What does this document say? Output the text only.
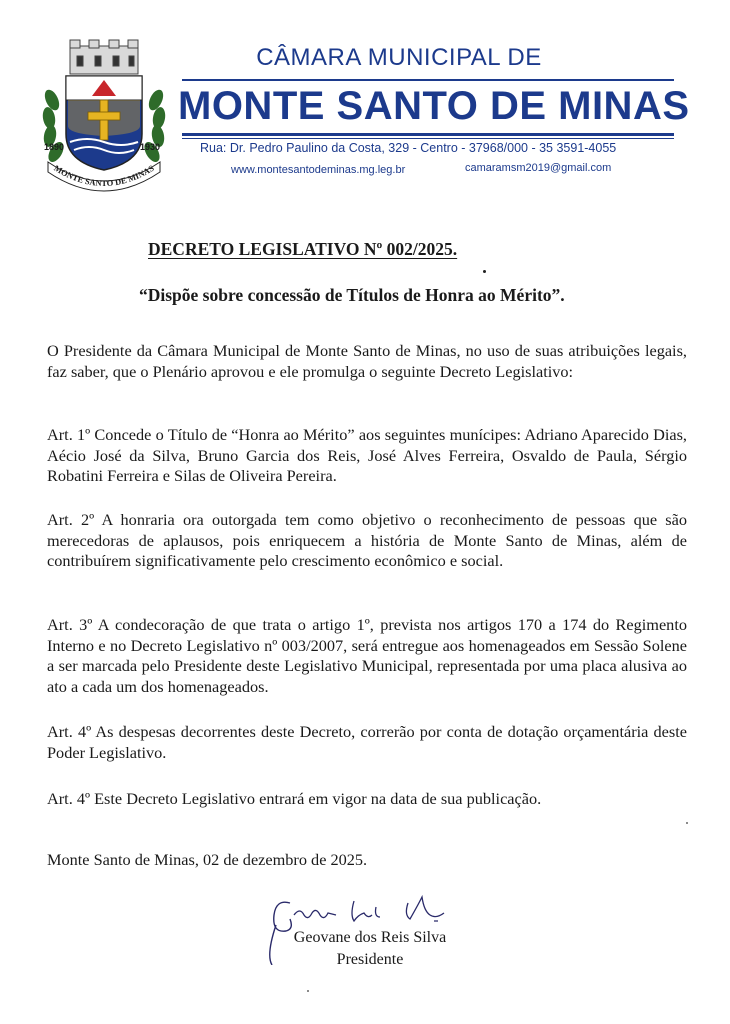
1890	1930
MONTE SANTO DE MINAS
CÂMARA MUNICIPAL DE
MONTE SANTO DE MINAS
Rua: Dr. Pedro Paulino da Costa, 329 - Centro - 37968/000 - 35 3591-4055
www.montesantodeminas.mg.leg.br	camaramsm2019@gmail.com
DECRETO LEGISLATIVO Nº 002/2025.
“Dispõe sobre concessão de Títulos de Honra ao Mérito”.
O Presidente da Câmara Municipal de Monte Santo de Minas, no uso de suas atribuições legais, faz saber, que o Plenário aprovou e ele promulga o seguinte Decreto Legislativo:
Art. 1º Concede o Título de “Honra ao Mérito” aos seguintes munícipes: Adriano Aparecido Dias, Aécio José da Silva, Bruno Garcia dos Reis, José Alves Ferreira, Osvaldo de Paula, Sérgio Robatini Ferreira e Silas de Oliveira Pereira.
Art. 2º A honraria ora outorgada tem como objetivo o reconhecimento de pessoas que são merecedoras de aplausos, pois enriquecem a história de Monte Santo de Minas, além de contribuírem significativamente pelo crescimento econômico e social.
Art. 3º A condecoração de que trata o artigo 1º, prevista nos artigos 170 a 174 do Regimento Interno e no Decreto Legislativo nº 003/2007, será entregue aos homenageados em Sessão Solene a ser marcada pelo Presidente deste Legislativo Municipal, representada por uma placa alusiva ao ato a cada um dos homenageados.
Art. 4º As despesas decorrentes deste Decreto, correrão por conta de dotação orçamentária deste Poder Legislativo.
Art. 4º Este Decreto Legislativo entrará em vigor na data de sua publicação.
Monte Santo de Minas, 02 de dezembro de 2025.
Geovane dos Reis Silva
Presidente
